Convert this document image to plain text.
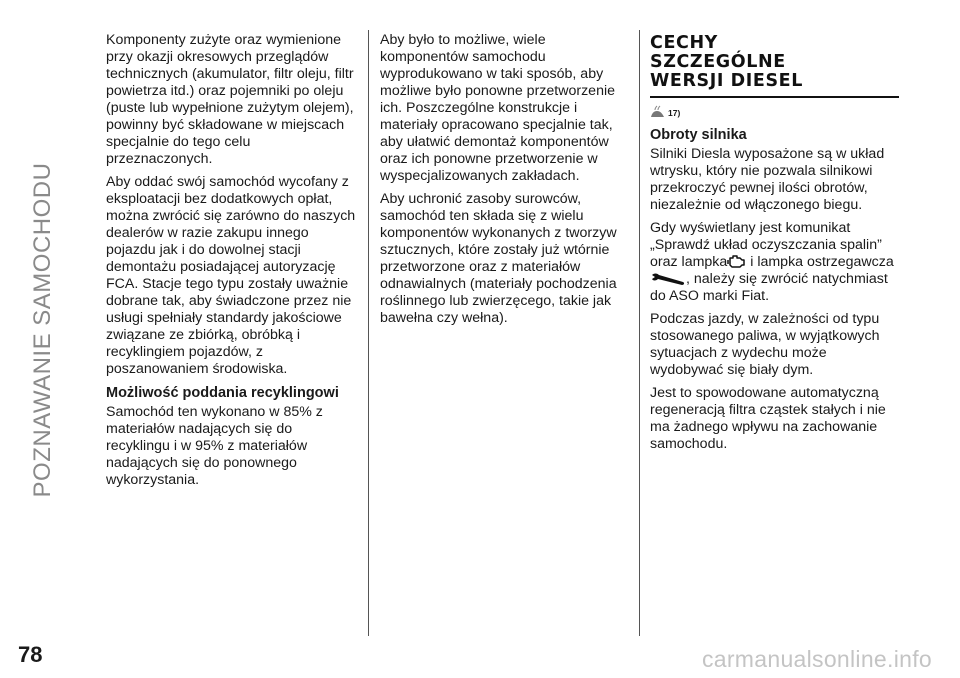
POZNAWANIE SAMOCHODU

Komponenty zużyte oraz wymienione przy okazji okresowych przeglądów technicznych (akumulator, filtr oleju, filtr powietrza itd.) oraz pojemniki po oleju (puste lub wypełnione zużytym olejem), powinny być składowane w miejscach specjalnie do tego celu przeznaczonych.

Aby oddać swój samochód wycofany z eksploatacji bez dodatkowych opłat, można zwrócić się zarówno do naszych dealerów w razie zakupu innego pojazdu jak i do dowolnej stacji demontażu posiadającej autoryzację FCA. Stacje tego typu zostały uważnie dobrane tak, aby świadczone przez nie usługi spełniały standardy jakościowe związane ze zbiórką, obróbką i recyklingiem pojazdów, z poszanowaniem środowiska.

Możliwość poddania recyklingowi

Samochód ten wykonano w 85% z materiałów nadających się do recyklingu i w 95% z materiałów nadających się do ponownego wykorzystania.

Aby było to możliwe, wiele komponentów samochodu wyprodukowano w taki sposób, aby możliwe było ponowne przetworzenie ich. Poszczególne konstrukcje i materiały opracowano specjalnie tak, aby ułatwić demontaż komponentów oraz ich ponowne przetworzenie w wyspecjalizowanych zakładach.

Aby uchronić zasoby surowców, samochód ten składa się z wielu komponentów wykonanych z tworzyw sztucznych, które zostały już wtórnie przetworzone oraz z materiałów odnawialnych (materiały pochodzenia roślinnego lub zwierzęcego, takie jak bawełna czy wełna).

CECHY
SZCZEGÓLNE
WERSJI DIESEL
17)
Obroty silnika

Silniki Diesla wyposażone są w układ wtrysku, który nie pozwala silnikowi przekroczyć pewnej ilości obrotów, niezależnie od włączonego biegu.

Gdy wyświetlany jest komunikat „Sprawdź układ oczyszczania spalin” oraz lampka i lampka ostrzegawcza, należy się zwrócić natychmiast do ASO marki Fiat.

Podczas jazdy, w zależności od typu stosowanego paliwa, w wyjątkowych sytuacjach z wydechu może wydobywać się biały dym.

Jest to spowodowane automatyczną regeneracją filtra cząstek stałych i nie ma żadnego wpływu na zachowanie samochodu.

78	carmanualsonline.info
